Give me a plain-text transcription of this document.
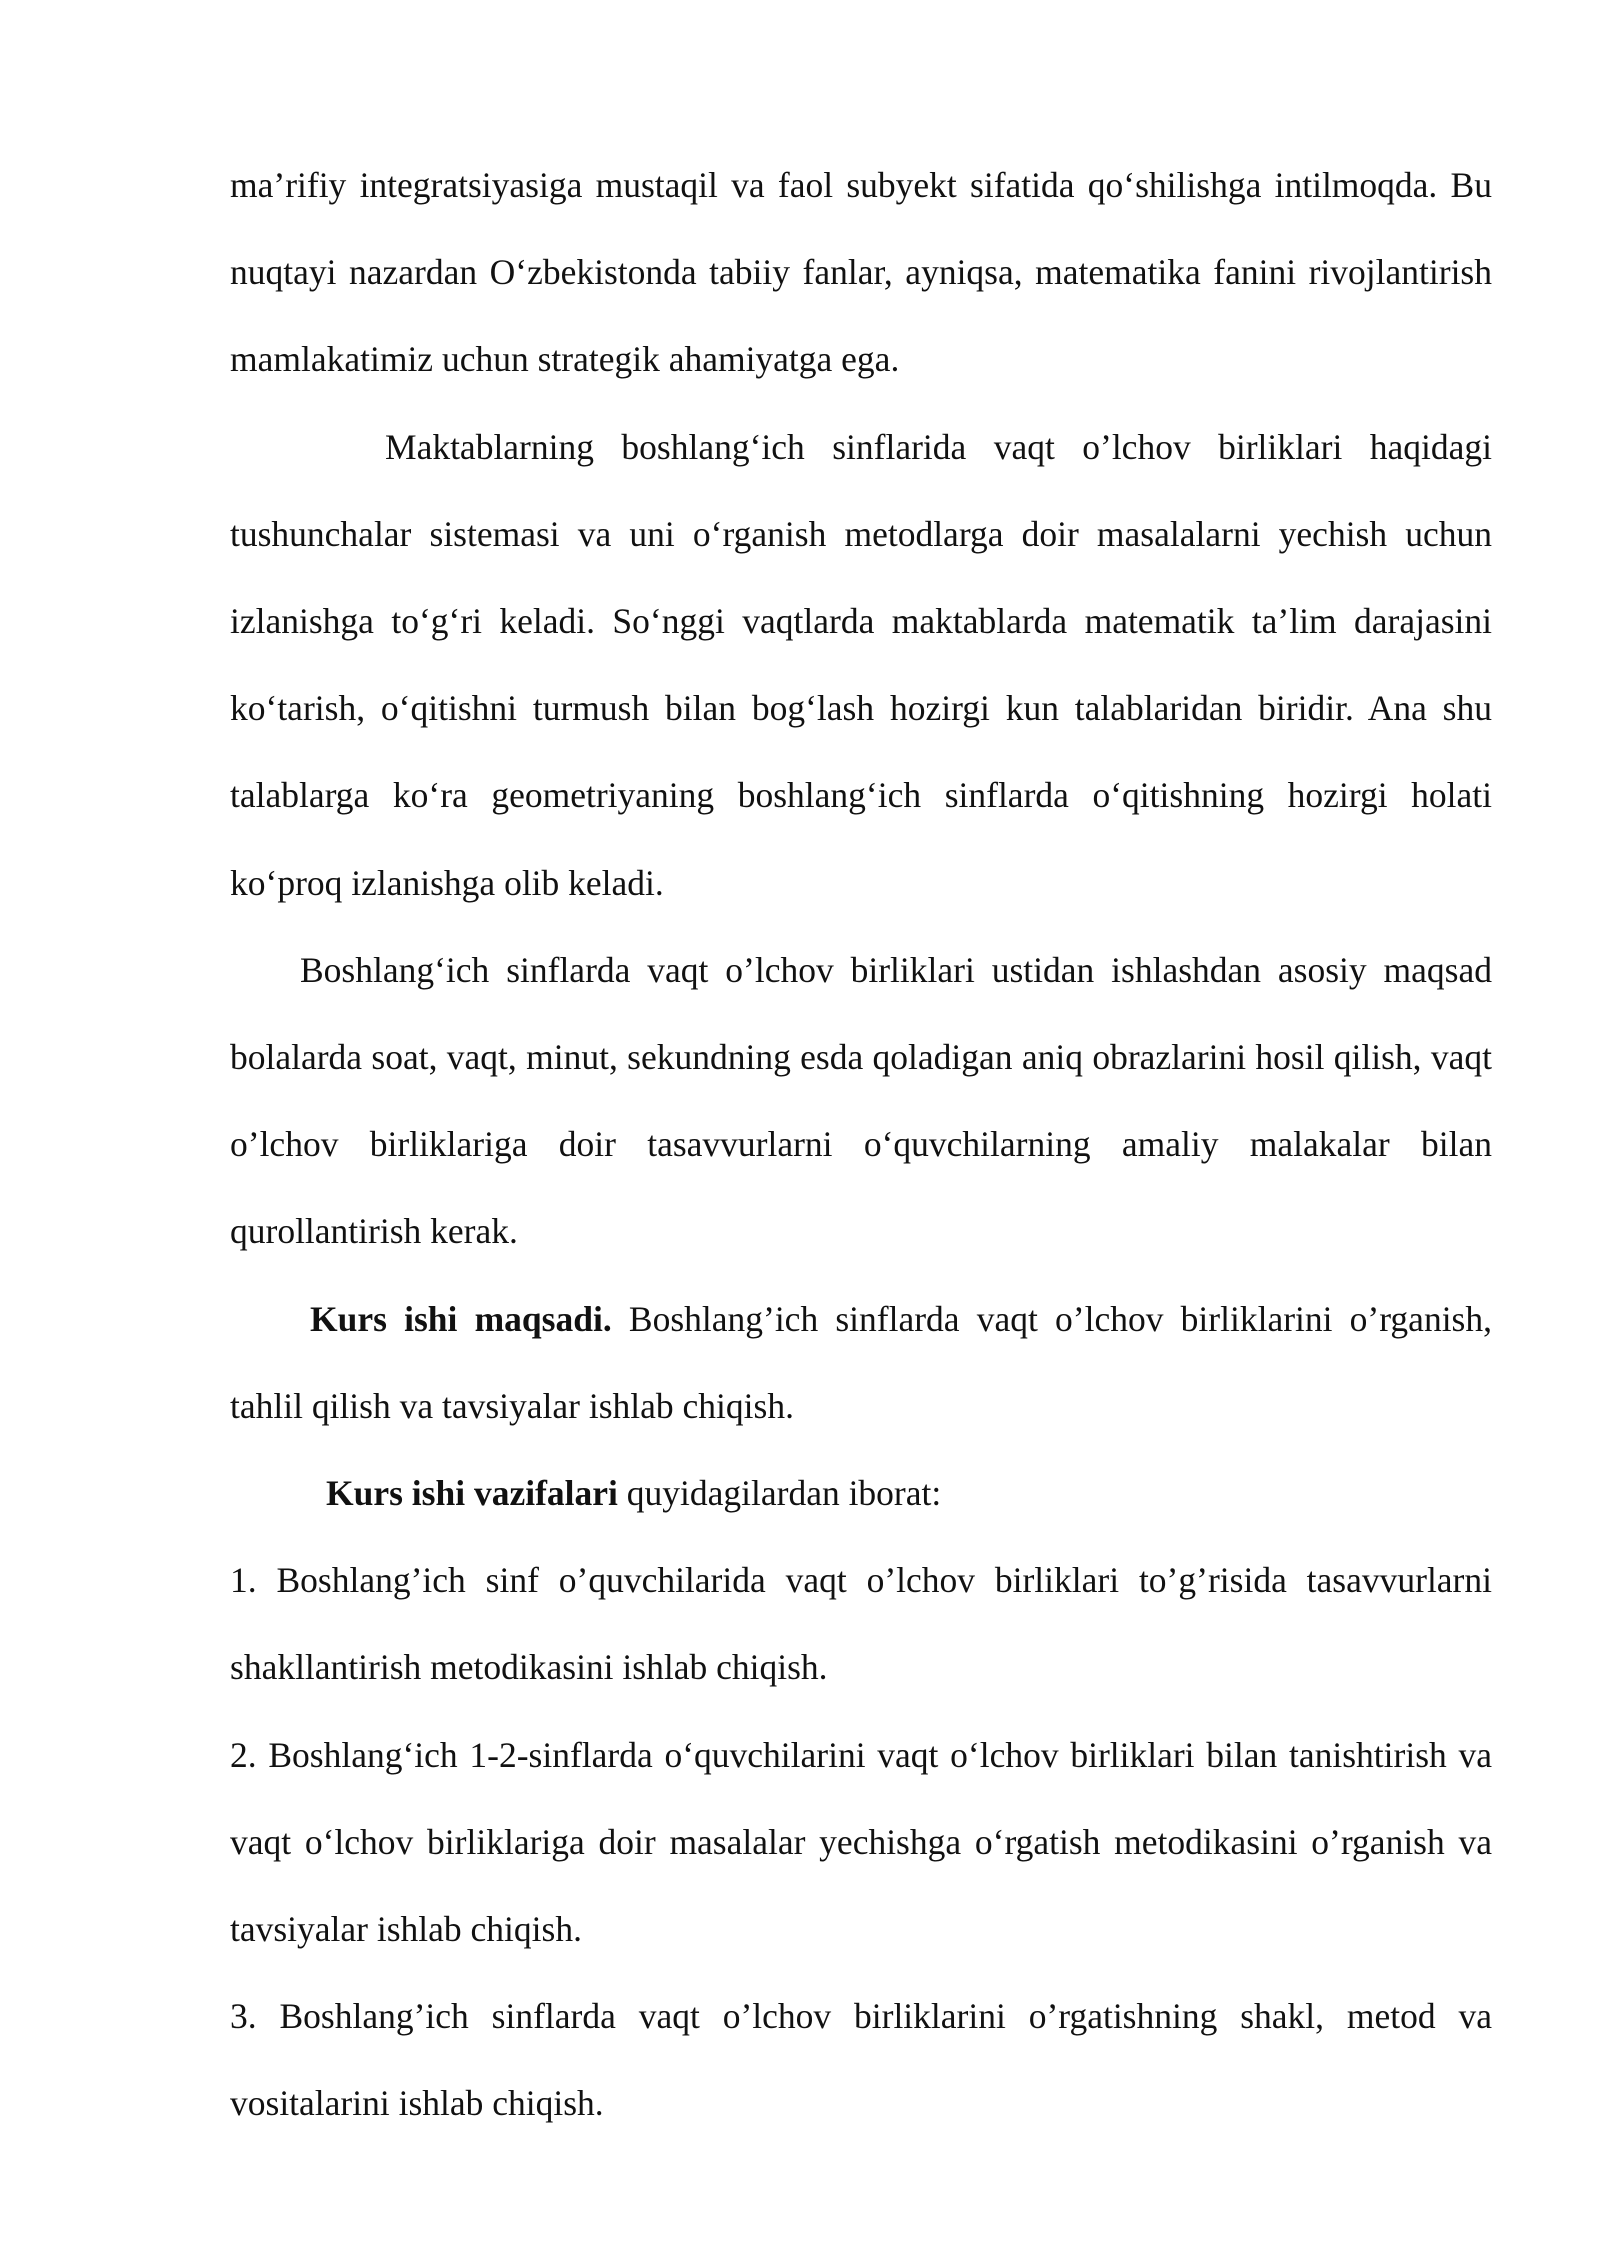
ma’rifiy integratsiyasiga mustaqil va faol subyekt sifatida qo‘shilishga intilmoqda. Bu nuqtayi nazardan O‘zbekistonda tabiiy fanlar, ayniqsa, matematika fanini rivojlantirish mamlakatimiz uchun strategik ahamiyatga ega.

Maktablarning boshlang‘ich sinflarida vaqt o’lchov birliklari haqidagi tushunchalar sistemasi va uni o‘rganish metodlarga doir masalalarni yechish uchun izlanishga to‘g‘ri keladi. So‘nggi vaqtlarda maktablarda matematik ta’lim darajasini ko‘tarish, o‘qitishni turmush bilan bog‘lash hozirgi kun talablaridan biridir. Ana shu talablarga ko‘ra geometriyaning boshlang‘ich sinflarda o‘qitishning hozirgi holati ko‘proq izlanishga olib keladi.

Boshlang‘ich sinflarda vaqt o’lchov birliklari ustidan ishlashdan asosiy maqsad bolalarda soat, vaqt, minut, sekundning esda qoladigan aniq obrazlarini hosil qilish, vaqt o’lchov birliklariga doir tasavvurlarni o‘quvchilarning amaliy malakalar bilan qurollantirish kerak.

Kurs ishi maqsadi. Boshlang’ich sinflarda vaqt o’lchov birliklarini o’rganish, tahlil qilish va tavsiyalar ishlab chiqish.

Kurs ishi vazifalari quyidagilardan iborat:

1. Boshlang’ich sinf o’quvchilarida vaqt o’lchov birliklari to’g’risida tasavvurlarni shakllantirish metodikasini ishlab chiqish.

2. Boshlang‘ich 1-2-sinflarda o‘quvchilarini vaqt o‘lchov birliklari bilan tanishtirish va vaqt o‘lchov birliklariga doir masalalar yechishga o‘rgatish metodikasini o’rganish va tavsiyalar ishlab chiqish.

3. Boshlang’ich sinflarda vaqt o’lchov birliklarini o’rgatishning shakl, metod va vositalarini ishlab chiqish.
